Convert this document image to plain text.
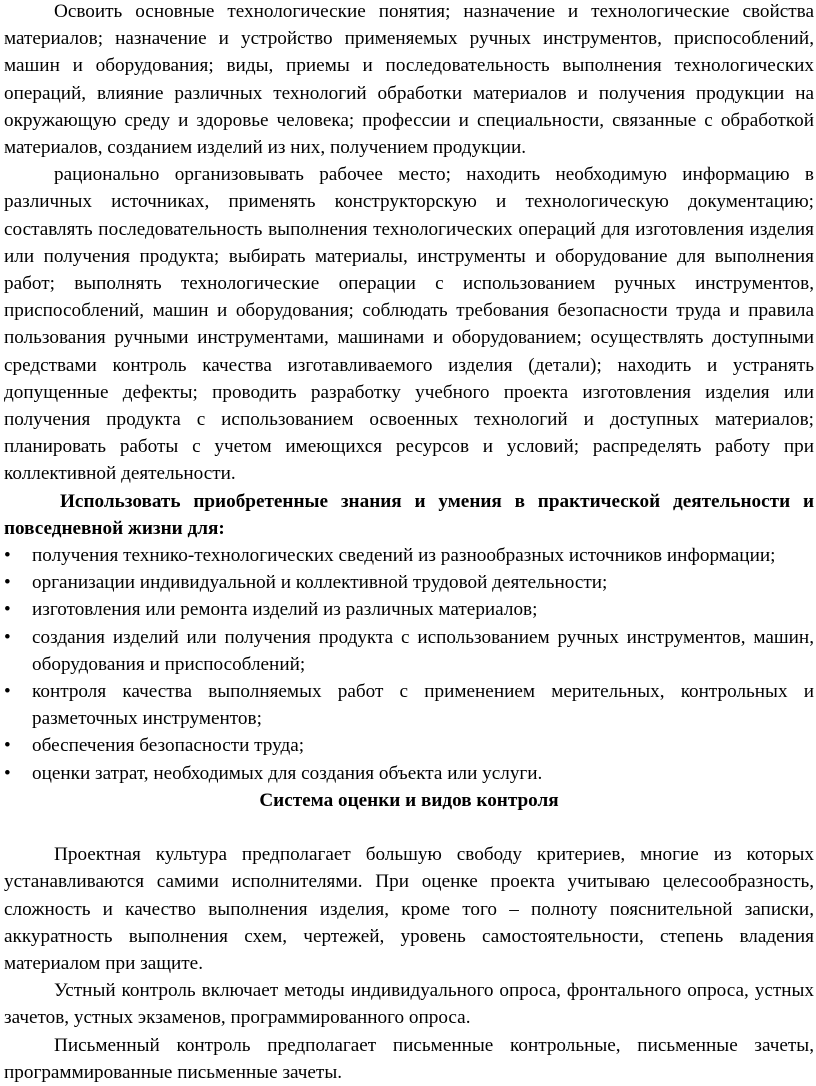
Освоить основные технологические понятия; назначение и технологические свойства материалов; назначение и устройство применяемых ручных инструментов, приспособлений, машин и оборудования; виды, приемы и последовательность выполнения технологических операций, влияние различных технологий обработки материалов и получения продукции на окружающую среду и здоровье человека; профессии и специальности, связанные с обработкой материалов, созданием изделий из них, получением продукции.

рационально организовывать рабочее место; находить необходимую информацию в различных источниках, применять конструкторскую и технологическую документацию; составлять последовательность выполнения технологических операций для изготовления изделия или получения продукта; выбирать материалы, инструменты и оборудование для выполнения работ; выполнять технологические операции с использованием ручных инструментов, приспособлений, машин и оборудования; соблюдать требования безопасности труда и правила пользования ручными инструментами, машинами и оборудованием; осуществлять доступными средствами контроль качества изготавливаемого изделия (детали); находить и устранять допущенные дефекты; проводить разработку учебного проекта изготовления изделия или получения продукта с использованием освоенных технологий и доступных материалов; планировать работы с учетом имеющихся ресурсов и условий; распределять работу при коллективной деятельности.

Использовать приобретенные знания и умения в практической деятельности и повседневной жизни для:

• получения технико-технологических сведений из разнообразных источников информации;
• организации индивидуальной и коллективной трудовой деятельности;
• изготовления или ремонта изделий из различных материалов;
• создания изделий или получения продукта с использованием ручных инструментов, машин, оборудования и приспособлений;
• контроля качества выполняемых работ с применением мерительных, контрольных и разметочных инструментов;
• обеспечения безопасности труда;
• оценки затрат, необходимых для создания объекта или услуги.

Система оценки и видов контроля

Проектная культура предполагает большую свободу критериев, многие из которых устанавливаются самими исполнителями. При оценке проекта учитываю целесообразность, сложность и качество выполнения изделия, кроме того – полноту пояснительной записки, аккуратность выполнения схем, чертежей, уровень самостоятельности, степень владения материалом при защите.

Устный контроль включает методы индивидуального опроса, фронтального опроса, устных зачетов, устных экзаменов, программированного опроса.

Письменный контроль предполагает письменные контрольные, письменные зачеты, программированные письменные зачеты.
